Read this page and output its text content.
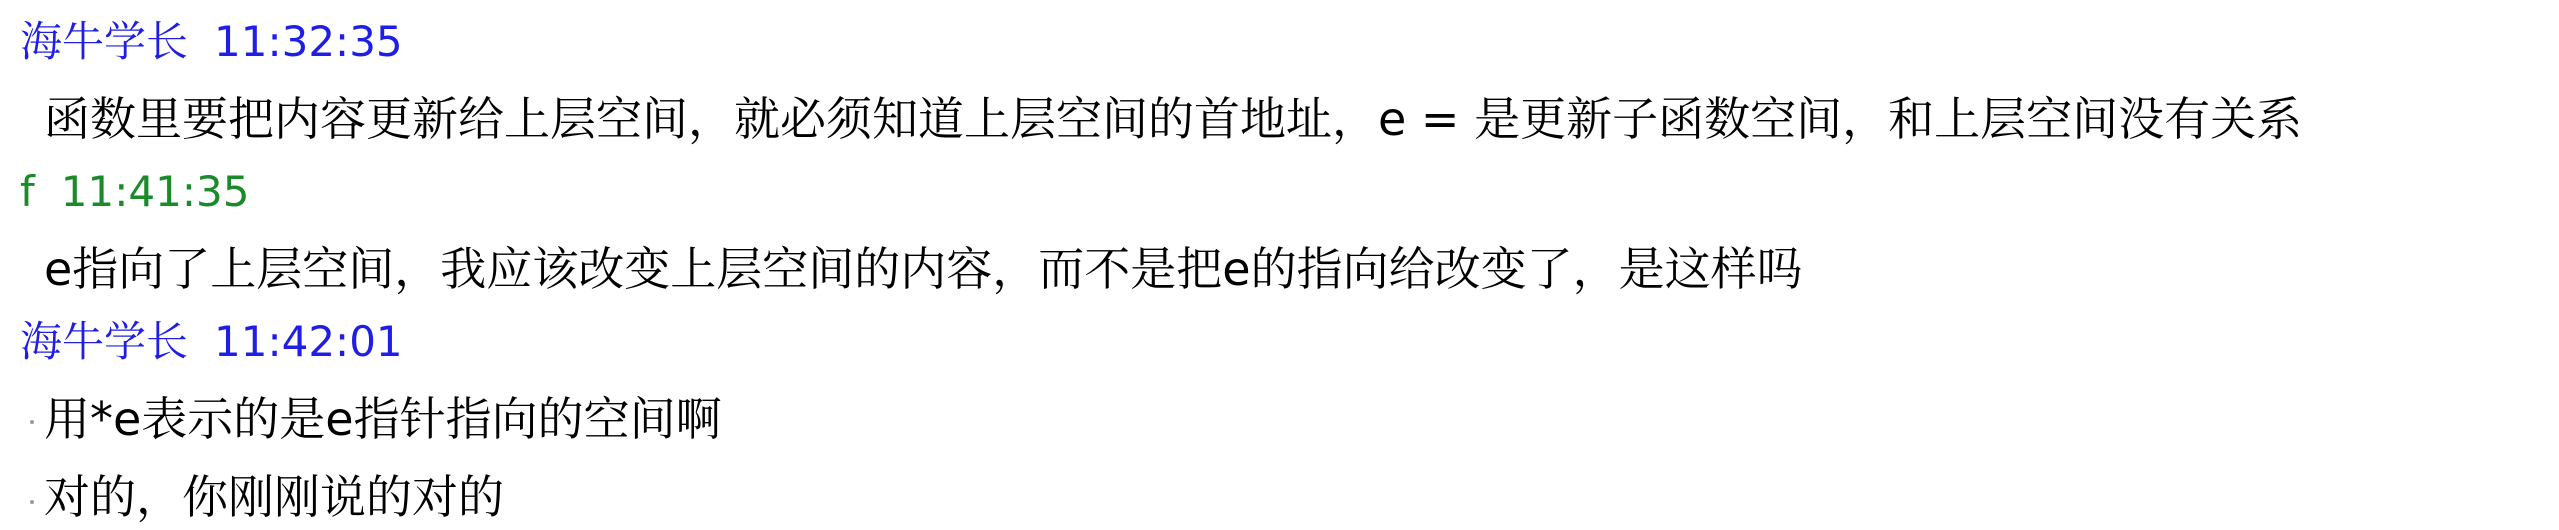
海牛学长 11:32:35
函数里要把内容更新给上层空间，就必须知道上层空间的首地址，e = 是更新子函数空间，和上层空间没有关系
f 11:41:35
e指向了上层空间，我应该改变上层空间的内容，而不是把e的指向给改变了，是这样吗
海牛学长 11:42:01
用*e表示的是e指针指向的空间啊
对的，你刚刚说的对的
